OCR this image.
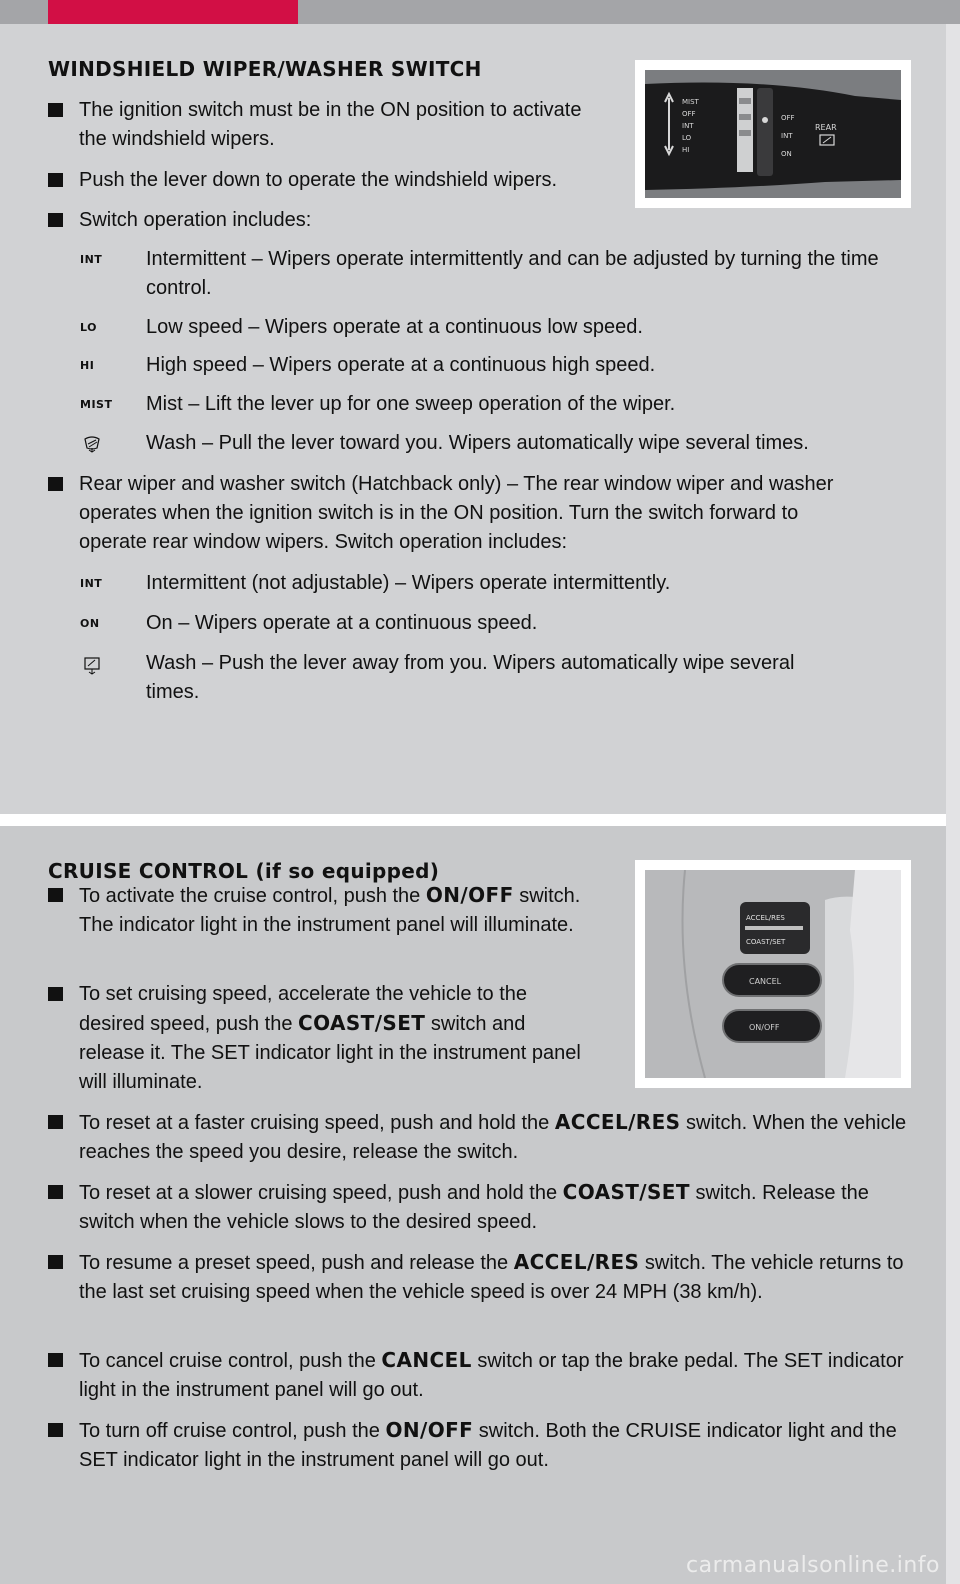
WINDSHIELD WIPER/WASHER SWITCH
The ignition switch must be in the ON position to activate the windshield wipers.
Push the lever down to operate the windshield wipers.
Switch operation includes:
INT Intermittent – Wipers operate intermittently and can be adjusted by turning the time control.
LO Low speed – Wipers operate at a continuous low speed.
HI	High speed – Wipers operate at a continuous high speed.
MIST Mist – Lift the lever up for one sweep operation of the wiper.
Wash – Pull the lever toward you. Wipers automatically wipe several times.
Rear wiper and washer switch (Hatchback only) – The rear window wiper and washer operates when the ignition switch is in the ON position. Turn the switch forward to operate rear window wipers. Switch operation includes:
INT Intermittent (not adjustable) – Wipers operate intermittently.
ON On – Wipers operate at a continuous speed.
Wash – Push the lever away from you. Wipers automatically wipe several times.
MIST
OFF
INT
LO
HI
OFF
INT
ON
REAR
CRUISE CONTROL (if so equipped)
To activate the cruise control, push the ON/OFF switch. The indicator light in the instrument panel will illuminate.
To set cruising speed, accelerate the vehicle to the desired speed, push the COAST/SET switch and release it. The SET indicator light in the instrument panel will illuminate.
To reset at a faster cruising speed, push and hold the ACCEL/RES switch. When the vehicle reaches the speed you desire, release the switch.
To reset at a slower cruising speed, push and hold the COAST/SET switch. Release the switch when the vehicle slows to the desired speed.
To resume a preset speed, push and release the ACCEL/RES switch. The vehicle returns to the last set cruising speed when the vehicle speed is over 24 MPH (38 km/h).
To cancel cruise control, push the CANCEL switch or tap the brake pedal. The SET indicator light in the instrument panel will go out.
To turn off cruise control, push the ON/OFF switch. Both the CRUISE indicator light and the SET indicator light in the instrument panel will go out.
ACCEL/RES
COAST/SET
CANCEL
ON/OFF
carmanualsonline.info
